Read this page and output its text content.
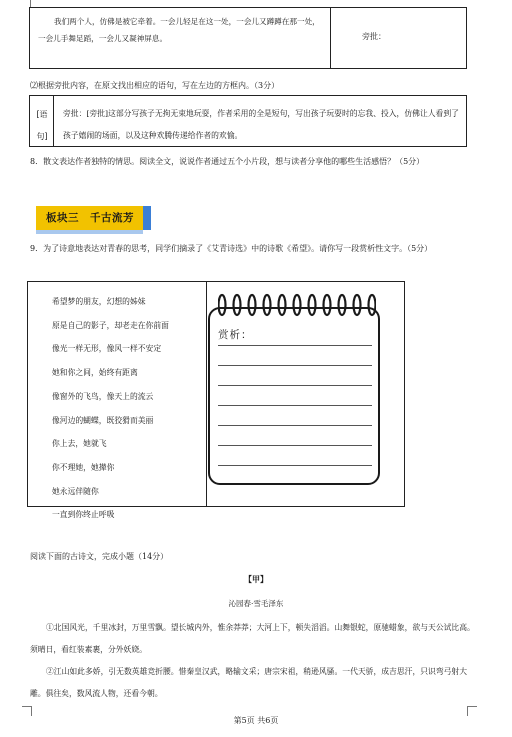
我们两个人，仿佛是被它牵着。一会儿轻足在这一处，一会儿又蹲蹲在那一处，一会儿手舞足蹈，一会儿又凝神屏息。	旁批：
⑵根据旁批内容，在原文找出相应的语句，写在左边的方框内。（3分）
[语句]

旁批：[旁批]这部分写孩子无拘无束地玩耍，作者采用的全是短句，写出孩子玩耍时的忘我、投入，仿佛让人看到了孩子嬉闹的场面，以及这种欢腾传递给作者的欢愉。

8．散文表达作者独特的情思。阅读全文，说说作者通过五个小片段，想与读者分享他的哪些生活感悟？（5分）

板块三　千古流芳

9．为了诗意地表达对青春的思考，同学们摘录了《艾青诗选》中的诗歌《希望》。请你写一段赏析性文字。（5分）

希望梦的朋友，幻想的姊妹
原是自己的影子，却老走在你前面
像光一样无形，像风一样不安定
她和你之间，始终有距离
像窗外的飞鸟，像天上的流云
像河边的蝴蝶，既狡猾而美丽
你上去，她就飞
你不理她，她撵你
她永远伴随你
一直到你终止呼吸
赏析：
阅读下面的古诗文，完成小题（14分）
【甲】
沁园春·雪毛泽东

①北国风光，千里冰封，万里雪飘。望长城内外，惟余莽莽；大河上下，顿失滔滔。山舞银蛇，原驰蜡象，欲与天公试比高。须晴日，看红装素裹，分外妖娆。

②江山如此多娇，引无数英雄竞折腰。惜秦皇汉武，略输文采；唐宗宋祖，稍逊风骚。一代天骄，成吉思汗，只识弯弓射大雕。俱往矣，数风流人物，还看今朝。

第5页 共6页
